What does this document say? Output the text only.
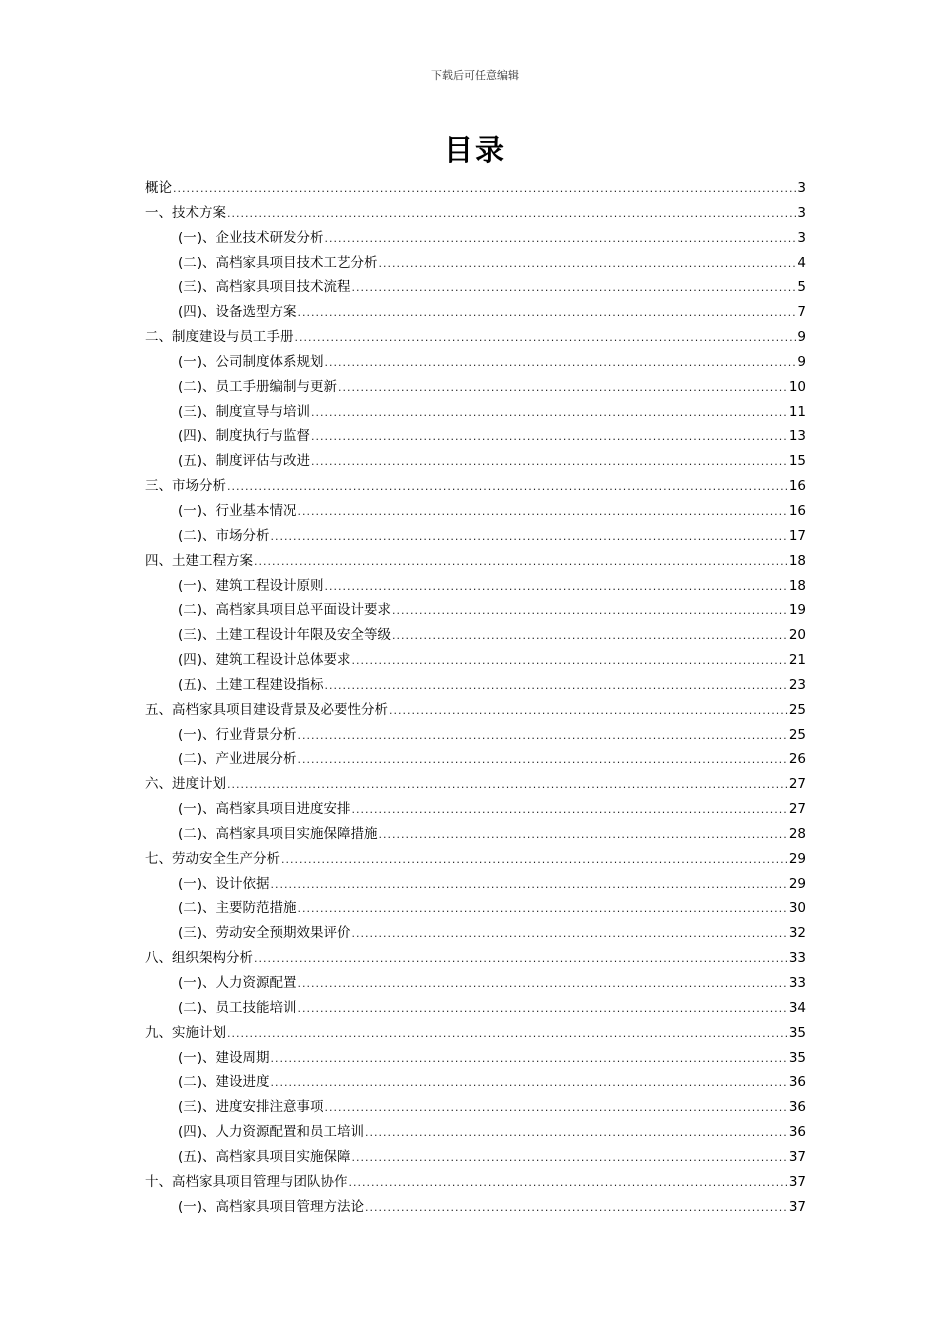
下载后可任意编辑
目录
概论 .....	3
一、技术方案 .....	3
(一)、企业技术研发分析 .....	3
(二)、高档家具项目技术工艺分析 .....	4
(三)、高档家具项目技术流程 .....	5
(四)、设备选型方案 .....	7
二、制度建设与员工手册 .....	9
(一)、公司制度体系规划 .....	9
(二)、员工手册编制与更新 .....	10
(三)、制度宣导与培训 .....	11
(四)、制度执行与监督 .....	13
(五)、制度评估与改进 .....	15
三、市场分析 .....	16
(一)、行业基本情况 .....	16
(二)、市场分析 .....	17
四、土建工程方案 .....	18
(一)、建筑工程设计原则 .....	18
(二)、高档家具项目总平面设计要求 .....	19
(三)、土建工程设计年限及安全等级 .....	20
(四)、建筑工程设计总体要求 .....	21
(五)、土建工程建设指标 .....	23
五、高档家具项目建设背景及必要性分析 .....	25
(一)、行业背景分析 .....	25
(二)、产业进展分析 .....	26
六、进度计划 .....	27
(一)、高档家具项目进度安排 .....	27
(二)、高档家具项目实施保障措施 .....	28
七、劳动安全生产分析 .....	29
(一)、设计依据 .....	29
(二)、主要防范措施 .....	30
(三)、劳动安全预期效果评价 .....	32
八、组织架构分析 .....	33
(一)、人力资源配置 .....	33
(二)、员工技能培训 .....	34
九、实施计划 .....	35
(一)、建设周期 .....	35
(二)、建设进度 .....	36
(三)、进度安排注意事项 .....	36
(四)、人力资源配置和员工培训 .....	36
(五)、高档家具项目实施保障 .....	37
十、高档家具项目管理与团队协作 .....	37
(一)、高档家具项目管理方法论 .....	37
